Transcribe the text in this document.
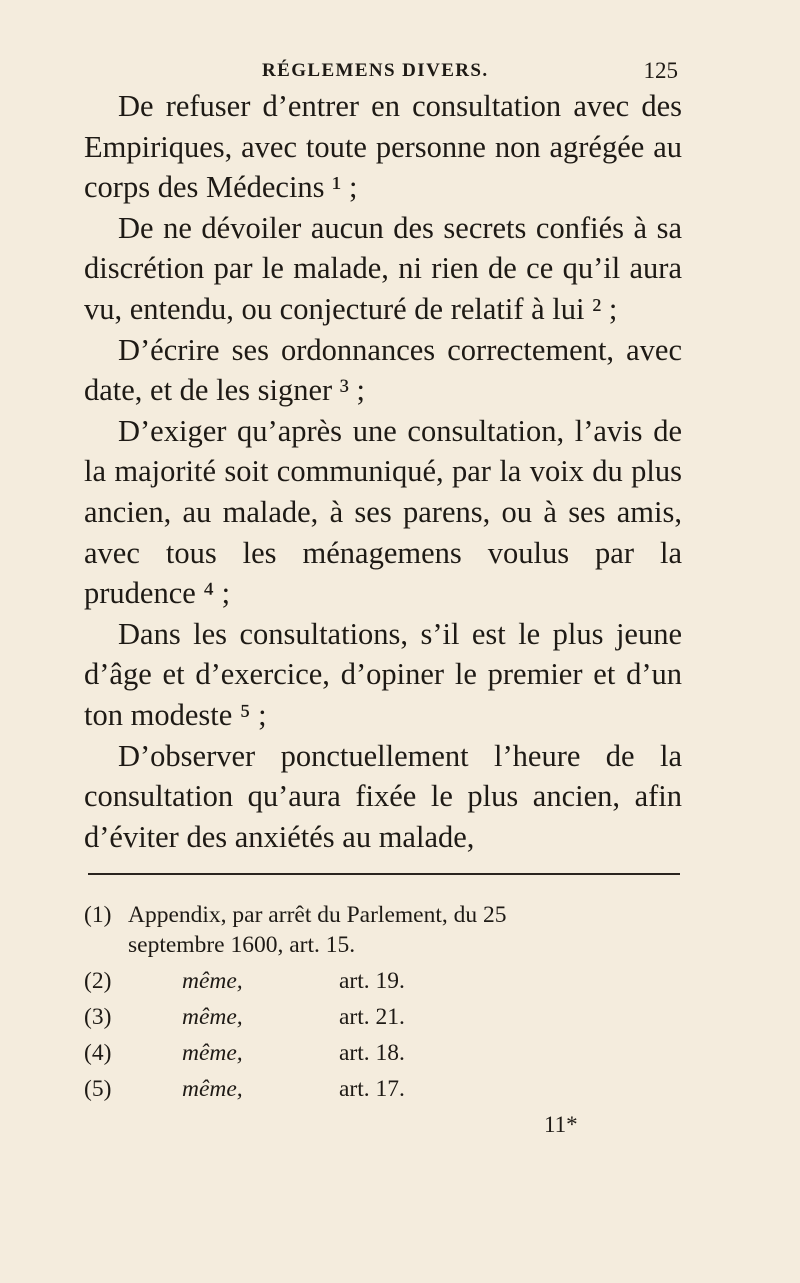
RÉGLEMENS DIVERS.	125

De refuser d’entrer en consultation avec des Empiriques, avec toute personne non agrégée au corps des Médecins ¹ ;

De ne dévoiler aucun des secrets confiés à sa discrétion par le malade, ni rien de ce qu’il aura vu, entendu, ou conjecturé de relatif à lui ² ;

D’écrire ses ordonnances correctement, avec date, et de les signer ³ ;

D’exiger qu’après une consultation, l’avis de la majorité soit communiqué, par la voix du plus ancien, au malade, à ses parens, ou à ses amis, avec tous les ménagemens voulus par la prudence ⁴ ;

Dans les consultations, s’il est le plus jeune d’âge et d’exercice, d’opiner le premier et d’un ton modeste ⁵ ;

D’observer ponctuellement l’heure de la consultation qu’aura fixée le plus ancien, afin d’éviter des anxiétés au malade,

(1) Appendix, par arrêt du Parlement, du 25
septembre 1600, art. 15.
(2)	même,	art. 19.
(3)	même,	art. 21.
(4)	même,	art. 18.
(5)	même,	art. 17.
11*
